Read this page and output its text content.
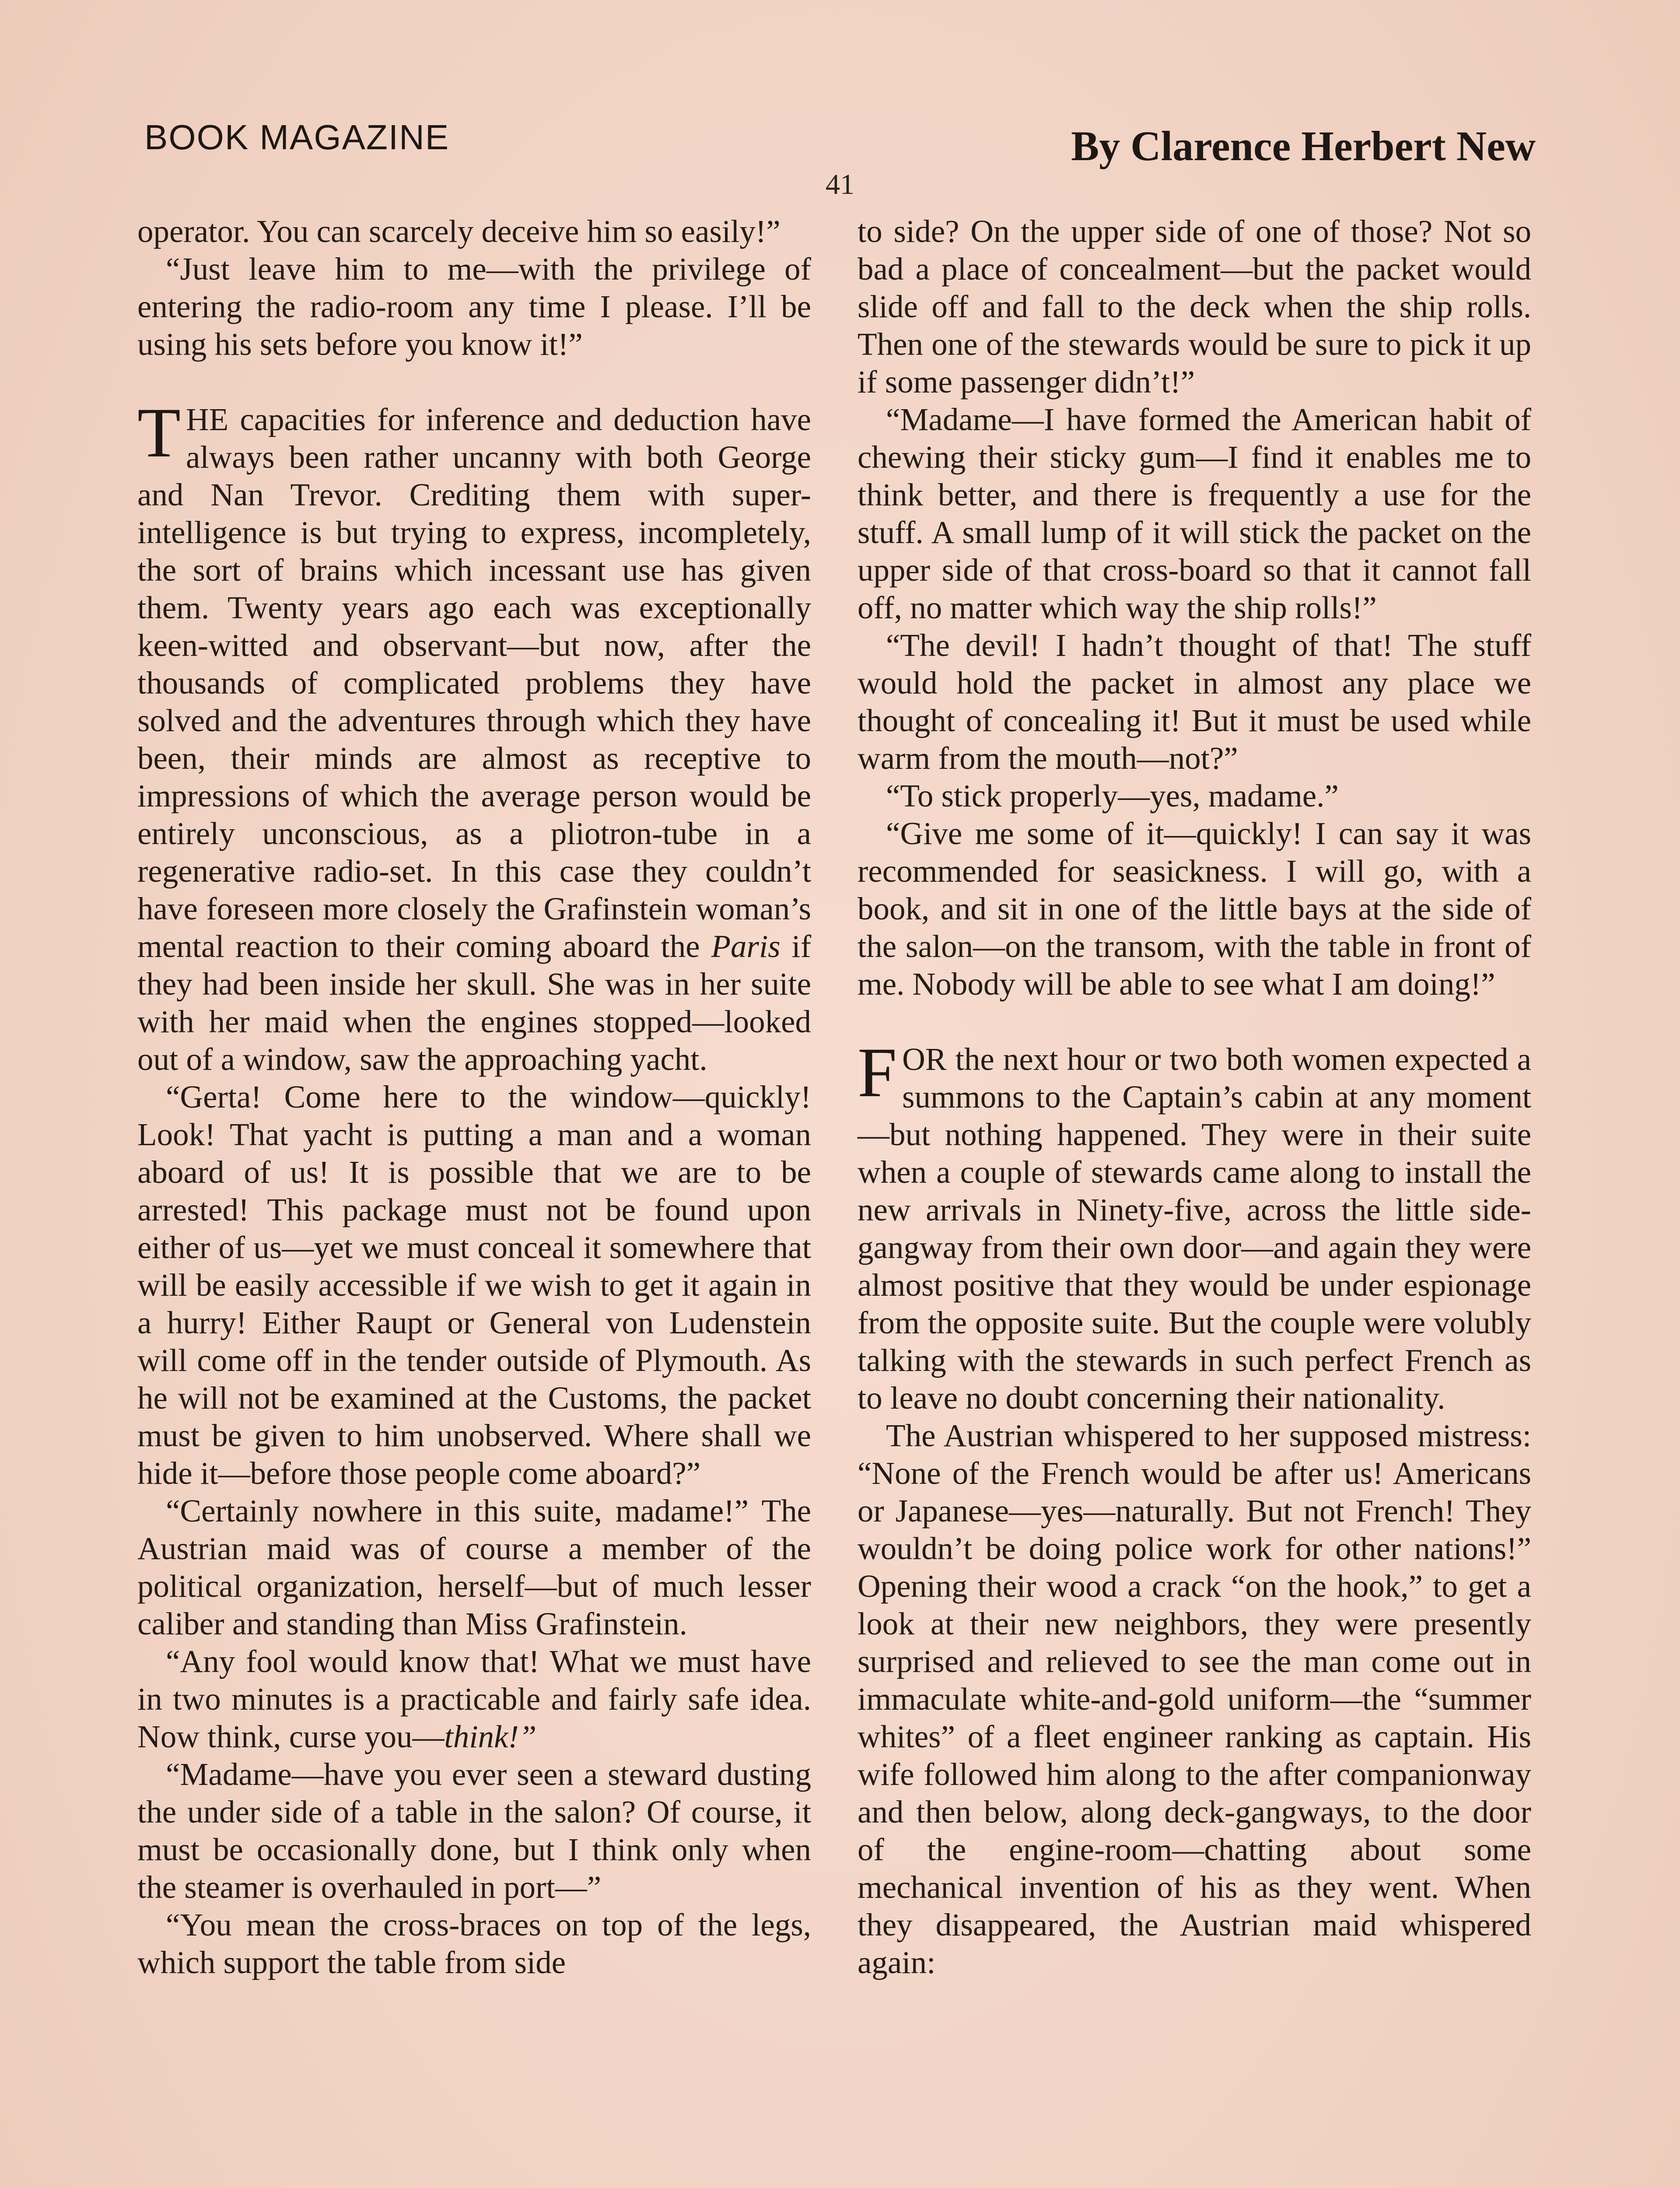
BOOK MAGAZINE	By Clarence Herbert New
41

operator. You can scarcely deceive him so easily!”

“Just leave him to me—with the privilege of entering the radio-room any time I please. I’ll be using his sets before you know it!”

THE capacities for inference and deduction have always been rather uncanny with both George and Nan Trevor. Crediting them with super-intelligence is but trying to express, incompletely, the sort of brains which incessant use has given them. Twenty years ago each was exceptionally keen-witted and observant—but now, after the thousands of complicated problems they have solved and the adventures through which they have been, their minds are almost as receptive to impressions of which the average person would be entirely unconscious, as a pliotron-tube in a regenerative radio-set. In this case they couldn’t have foreseen more closely the Grafinstein woman’s mental reaction to their coming aboard the Paris if they had been inside her skull. She was in her suite with her maid when the engines stopped—looked out of a window, saw the approaching yacht.

“Gerta! Come here to the window—quickly! Look! That yacht is putting a man and a woman aboard of us! It is possible that we are to be arrested! This package must not be found upon either of us—yet we must conceal it somewhere that will be easily accessible if we wish to get it again in a hurry! Either Raupt or General von Ludenstein will come off in the tender outside of Plymouth. As he will not be examined at the Customs, the packet must be given to him unobserved. Where shall we hide it—before those people come aboard?”

“Certainly nowhere in this suite, madame!” The Austrian maid was of course a member of the political organization, herself—but of much lesser caliber and standing than Miss Grafinstein.

“Any fool would know that! What we must have in two minutes is a practicable and fairly safe idea. Now think, curse you—think!”

“Madame—have you ever seen a steward dusting the under side of a table in the salon? Of course, it must be occasionally done, but I think only when the steamer is overhauled in port—”

“You mean the cross-braces on top of the legs, which support the table from side

to side? On the upper side of one of those? Not so bad a place of concealment—but the packet would slide off and fall to the deck when the ship rolls. Then one of the stewards would be sure to pick it up if some passenger didn’t!”

“Madame—I have formed the American habit of chewing their sticky gum—I find it enables me to think better, and there is frequently a use for the stuff. A small lump of it will stick the packet on the upper side of that cross-board so that it cannot fall off, no matter which way the ship rolls!”

“The devil! I hadn’t thought of that! The stuff would hold the packet in almost any place we thought of concealing it! But it must be used while warm from the mouth—not?”

“To stick properly—yes, madame.”

“Give me some of it—quickly! I can say it was recommended for seasickness. I will go, with a book, and sit in one of the little bays at the side of the salon—on the transom, with the table in front of me. Nobody will be able to see what I am doing!”

FOR the next hour or two both women expected a summons to the Captain’s cabin at any moment—but nothing happened. They were in their suite when a couple of stewards came along to install the new arrivals in Ninety-five, across the little side-gangway from their own door—and again they were almost positive that they would be under espionage from the opposite suite. But the couple were volubly talking with the stewards in such perfect French as to leave no doubt concerning their nationality.

The Austrian whispered to her supposed mistress: “None of the French would be after us! Americans or Japanese—yes—naturally. But not French! They wouldn’t be doing police work for other nations!” Opening their wood a crack “on the hook,” to get a look at their new neighbors, they were presently surprised and relieved to see the man come out in immaculate white-and-gold uniform—the “summer whites” of a fleet engineer ranking as captain. His wife followed him along to the after companionway and then below, along deck-gangways, to the door of the engine-room—chatting about some mechanical invention of his as they went. When they disappeared, the Austrian maid whispered again:
